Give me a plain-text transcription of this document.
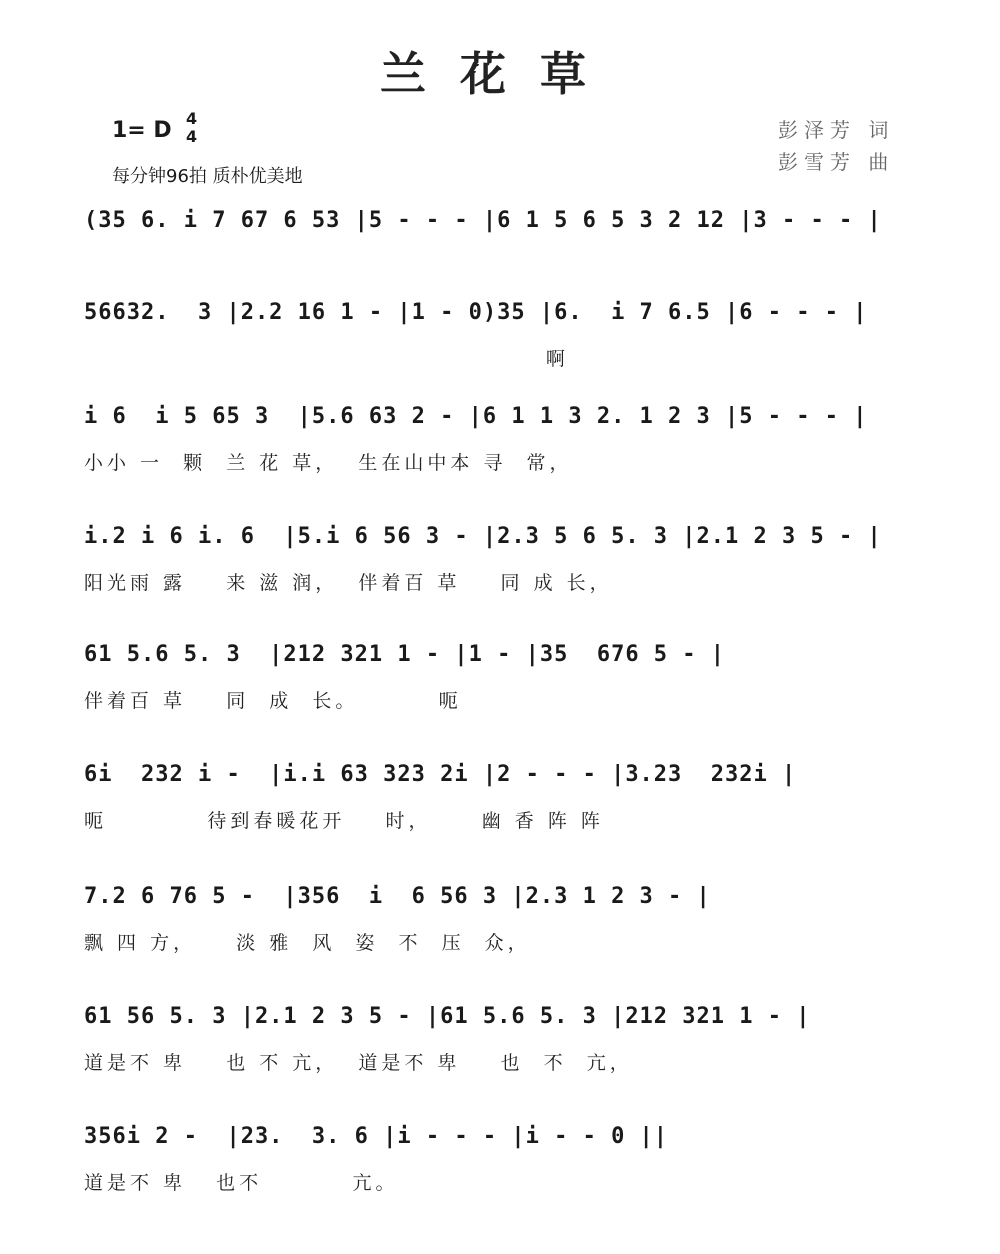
兰花草
1= D 4
4
每分钟96拍 质朴优美地
彭泽芳 词
彭雪芳 曲
(35 6. i 7 67 6 53 |5 - - - |6 1 5 6 5 3 2 12 |3 - - - |
56632.  3 |2.2 16 1 - |1 - 0)35 |6.  i 7 6.5 |6 - - - |
啊
i 6  i 5 65 3  |5.6 63 2 - |6 1 1 3 2. 1 2 3 |5 - - - |
小小 一  颗  兰 花 草，  生在山中本 寻  常，
i.2 i 6 i. 6  |5.i 6 56 3 - |2.3 5 6 5. 3 |2.1 2 3 5 - |
阳光雨 露    来 滋 润，  伴着百 草    同 成 长，
61 5.6 5. 3  |212 321 1 - |1 - |35  676 5 - |
伴着百 草    同  成  长。        呃
6i  232 i -  |i.i 63 323 2i |2 - - - |3.23  232i |
呃          待到春暖花开    时，     幽 香 阵 阵
7.2 6 76 5 -  |356  i  6 56 3 |2.3 1 2 3 - |
飘 四 方，    淡 雅  风  姿  不  压  众，
61 56 5. 3 |2.1 2 3 5 - |61 5.6 5. 3 |212 321 1 - |
道是不 卑    也 不 亢，  道是不 卑    也  不  亢，
356i 2 -  |23.  3. 6 |i - - - |i - - 0 ||
道是不 卑   也不         亢。
